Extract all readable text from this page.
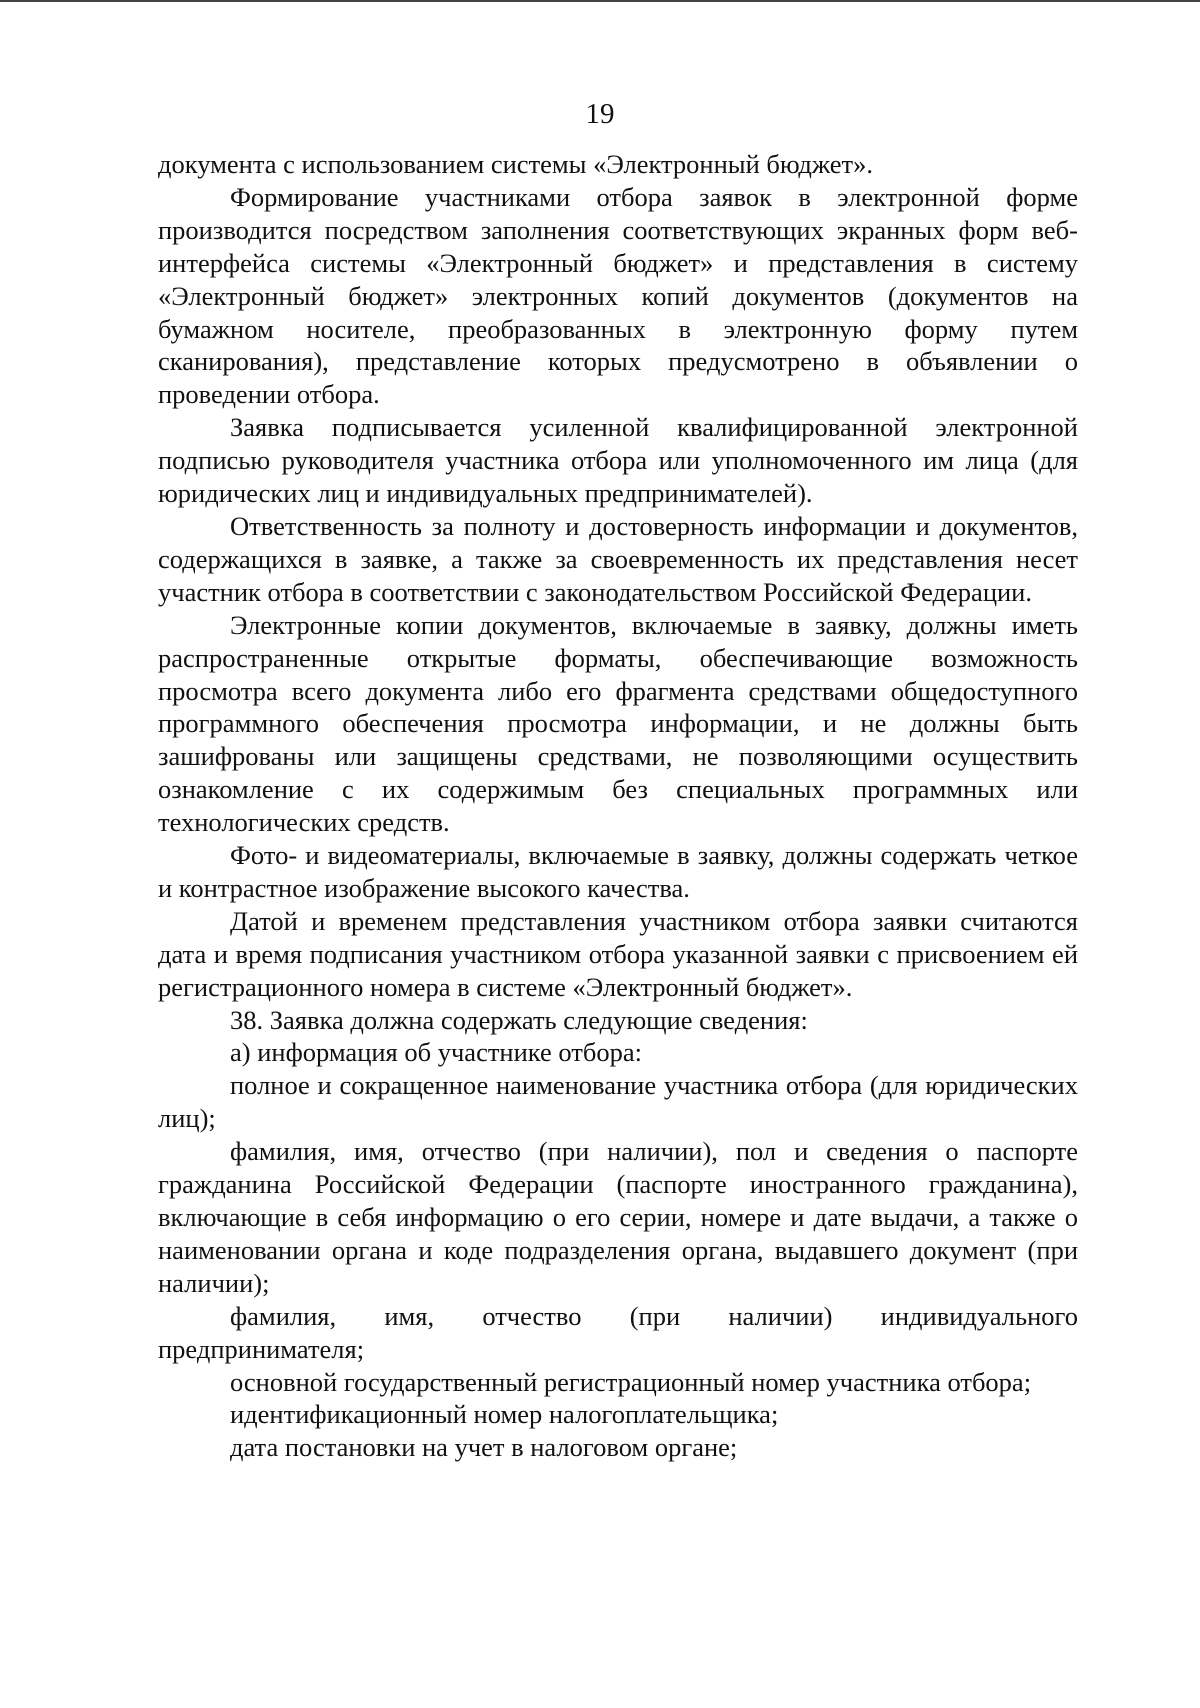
19

документа с использованием системы «Электронный бюджет».

Формирование участниками отбора заявок в электронной форме производится посредством заполнения соответствующих экранных форм веб-интерфейса системы «Электронный бюджет» и представления в систему «Электронный бюджет» электронных копий документов (документов на бумажном носителе, преобразованных в электронную форму путем сканирования), представление которых предусмотрено в объявлении о проведении отбора.

Заявка подписывается усиленной квалифицированной электронной подписью руководителя участника отбора или уполномоченного им лица (для юридических лиц и индивидуальных предпринимателей).

Ответственность за полноту и достоверность информации и документов, содержащихся в заявке, а также за своевременность их представления несет участник отбора в соответствии с законодательством Российской Федерации.

Электронные копии документов, включаемые в заявку, должны иметь распространенные открытые форматы, обеспечивающие возможность просмотра всего документа либо его фрагмента средствами общедоступного программного обеспечения просмотра информации, и не должны быть зашифрованы или защищены средствами, не позволяющими осуществить ознакомление с их содержимым без специальных программных или технологических средств.

Фото- и видеоматериалы, включаемые в заявку, должны содержать четкое и контрастное изображение высокого качества.

Датой и временем представления участником отбора заявки считаются дата и время подписания участником отбора указанной заявки с присвоением ей регистрационного номера в системе «Электронный бюджет».

38. Заявка должна содержать следующие сведения:

а) информация об участнике отбора:

полное и сокращенное наименование участника отбора (для юридических лиц);

фамилия, имя, отчество (при наличии), пол и сведения о паспорте гражданина Российской Федерации (паспорте иностранного гражданина), включающие в себя информацию о его серии, номере и дате выдачи, а также о наименовании органа и коде подразделения органа, выдавшего документ (при наличии);

фамилия, имя, отчество (при наличии) индивидуального предпринимателя;

основной государственный регистрационный номер участника отбора;

идентификационный номер налогоплательщика;

дата постановки на учет в налоговом органе;
